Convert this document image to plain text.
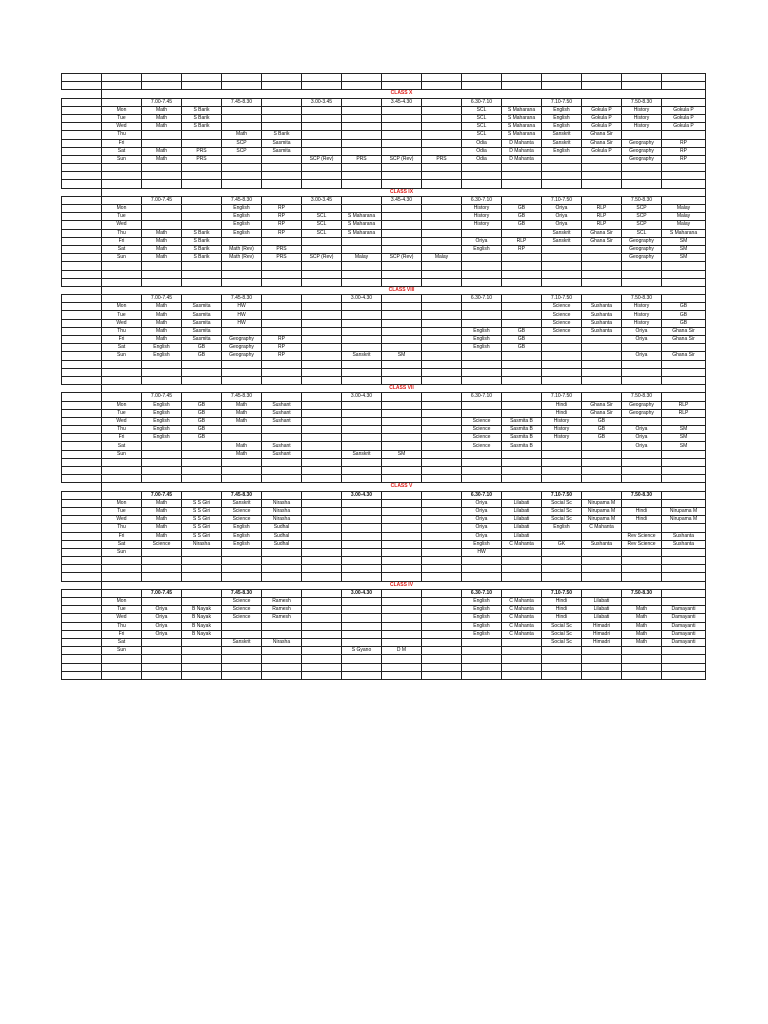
								CLASS X							
		7.00-7.45		7.45-8.30		3.00-3.45		3.45-4.30		6.30-7.10		7.10-7.50		7.50-8.30	
	Mon	Math	S Barik							SCL	S Maharana	English	Gokula P	History	Gokula P
	Tue	Math	S Barik							SCL	S Maharana	English	Gokula P	History	Gokula P
	Wed	Math	S Barik							SCL	S Maharana	English	Gokula P	History	Gokula P
	Thu			Math	S Barik					SCL	S Maharana	Sanskrit	Ghana Sir		
	Fri			SCP	Sasmita					Odia	D Mahanta	Sanskrit	Ghana Sir	Geography	RP
	Sat	Math	PRS	SCP	Sasmita					Odia	D Mahanta	English	Gokula P	Geography	RP
	Sun	Math	PRS			SCP (Rev)	PRS	SCP (Rev)	PRS	Odia	D Mahanta			Geography	RP

								CLASS IX							
		7.00-7.45		7.45-8.30		3.00-3.45		3.45-4.30		6.30-7.10		7.10-7.50		7.50-8.30	
	Mon			English	RP					History	GB	Oriya	RLP	SCP	Malay
	Tue			English	RP	SCL	S Maharana			History	GB	Oriya	RLP	SCP	Malay
	Wed			English	RP	SCL	S Maharana			History	GB	Oriya	RLP	SCP	Malay
	Thu	Math	S Barik	English	RP	SCL	S Maharana					Sanskrit	Ghana Sir	SCL	S Maharana
	Fri	Math	S Barik							Oriya	RLP	Sanskrit	Ghana Sir	Geography	SM
	Sat	Math	S Barik	Math (Rev)	PRS					English	RP			Geography	SM
	Sun	Math	S Barik	Math (Rev)	PRS	SCP (Rev)	Malay	SCP (Rev)	Malay					Geography	SM

								CLASS VIII							
		7.00-7.45		7.45-8.30			3.00-4.30			6.30-7.10		7.10-7.50		7.50-8.30	
	Mon	Math	Sasmita	HW								Science	Sushanta	History	GB
	Tue	Math	Sasmita	HW								Science	Sushanta	History	GB
	Wed	Math	Sasmita	HW								Science	Sushanta	History	GB
	Thu	Math	Sasmita							English	GB	Science	Sushanta	Oriya	Ghana Sir
	Fri	Math	Sasmita	Geography	RP					English	GB			Oriya	Ghana Sir
	Sat	English	GB	Geography	RP					English	GB				
	Sun	English	GB	Geography	RP		Sanskrit	SM						Oriya	Ghana Sir

								CLASS VII							
		7.00-7.45		7.45-8.30			3.00-4.30			6.30-7.10		7.10-7.50		7.50-8.30	
	Mon	English	GB	Math	Sushant							Hindi	Ghana Sir	Geography	RLP
	Tue	English	GB	Math	Sushant							Hindi	Ghana Sir	Geography	RLP
	Wed	English	GB	Math	Sushant					Science	Sasmita B	History	GB		
	Thu	English	GB							Science	Sasmita B	History	GB	Oriya	SM
	Fri	English	GB							Science	Sasmita B	History	GB	Oriya	SM
	Sat			Math	Sushant					Science	Sasmita B			Oriya	SM
	Sun			Math	Sushant		Sanskrit	SM							

								CLASS V							
		7.00-7.45		7.45-8.30			3.00-4.30			6.30-7.10		7.10-7.50		7.50-8.30	
	Mon	Math	S S Giri	Sanskrit	Nirasha					Oriya	Lilabati	Social Sc	Nirupama M		
	Tue	Math	S S Giri	Science	Nirasha					Oriya	Lilabati	Social Sc	Nirupama M	Hindi	Nirupama M
	Wed	Math	S S Giri	Science	Nirasha					Oriya	Lilabati	Social Sc	Nirupama M	Hindi	Nirupama M
	Thu	Math	S S Giri	English	Sudhal					Oriya	Lilabati	English	C Mahanta		
	Fri	Math	S S Giri	English	Sudhal					Oriya	Lilabati			Rev Science	Sushanta
	Sat	Science	Nirasha	English	Sudhal					English	C Mahanta	GK	Sushanta	Rev Science	Sushanta
	Sun									HW					

								CLASS IV							
		7.00-7.45		7.45-8.30			3.00-4.30			6.30-7.10		7.10-7.50		7.50-8.30	
	Mon			Science	Ramesh					English	C Mahanta	Hindi	Lilabati		
	Tue	Oriya	B Nayak	Science	Ramesh					English	C Mahanta	Hindi	Lilabati	Math	Damayanti
	Wed	Oriya	B Nayak	Science	Ramesh					English	C Mahanta	Hindi	Lilabati	Math	Damayanti
	Thu	Oriya	B Nayak							English	C Mahanta	Social Sc	Himadri	Math	Damayanti
	Fri	Oriya	B Nayak							English	C Mahanta	Social Sc	Himadri	Math	Damayanti
	Sat			Sanskrit	Nirasha							Social Sc	Himadri	Math	Damayanti
	Sun						S Gyano	D M							
